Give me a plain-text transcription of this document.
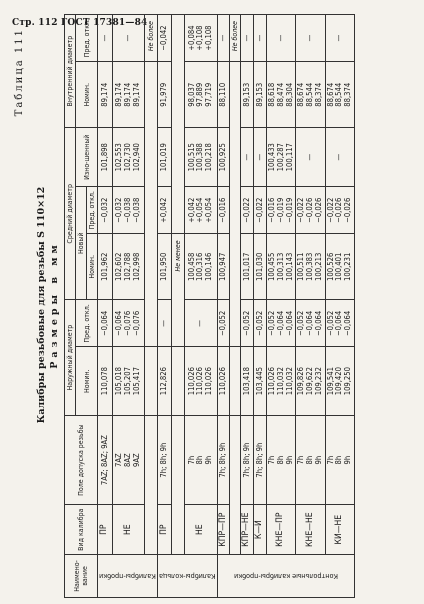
Стр. 112 ГОСТ 17381—84
Таблица 111
Калибры резьбовые для резьбы S 110×12 Размеры в мм
Наимено-вание	Вид калибра	Поле допуска резьбы	Наружный диаметр		Средний диаметр			Внутренний диаметр	
			Номин.	Пред. откл.	Новый		Изно-шенный	Номин.	Пред. откл.
					Номин.	Пред. откл.			

Калибры-пробки	ПР	7AZ; 8AZ; 9AZ	110,078	−0,064	101,962	−0,032	101,898	89,174	—
	НЕ	7AZ 8AZ 9AZ	105,018 105,207 105,417	−0,064 −0,076 −0,076	102,602 102,788 102,998	−0,032 −0,038 −0,038	102,553 102,730 102,940	89,174 89,174 89,174	—
									Не более

Калибры-кольца	ПР	7h; 8h; 9h	112,826	—	101,950	+0,042	101,019	91,979	−0,042
				Не менее					
	НЕ	7h 8h 9h	110,026 110,026 110,026	—	100,458 100,316 100,146	+0,042 +0,054 +0,054	100,515 100,388 100,218	98,037 97,889 97,719	+0,084 +0,108 +0,108

Контрольные калибры-пробки	КПР—ПР	7h; 8h; 9h	110,026	−0,052	100,947	−0,016	100,925	88,110	—
									Не более
	КПР—НЕ	7h; 8h; 9h	103,418	−0,052	101,017	−0,022	—	89,153	—
	К—И	7h; 8h; 9h	103,445	−0,052	101,030	−0,022	—	89,153	—
	КНЕ—ПР	7h 8h 9h	110,026 110,032 110,032	−0,052 −0,064 −0,064	100,455 100,313 100,143	−0,016 −0,019 −0,019	100,433 100,287 100,117	88,618 88,474 88,304	—
	КНЕ—НЕ	7h 8h 9h	109,826 109,622 109,232	−0,052 −0,064 −0,064	100,511 100,383 100,213	−0,022 −0,026 −0,026	—	88,674 88,544 88,374	—
	КИ—НЕ	7h 8h 9h	109,541 109,420 109,250	−0,052 −0,064 −0,064	100,526 100,401 100,231	−0,022 −0,026 −0,026	—	88,674 88,544 88,374	—
